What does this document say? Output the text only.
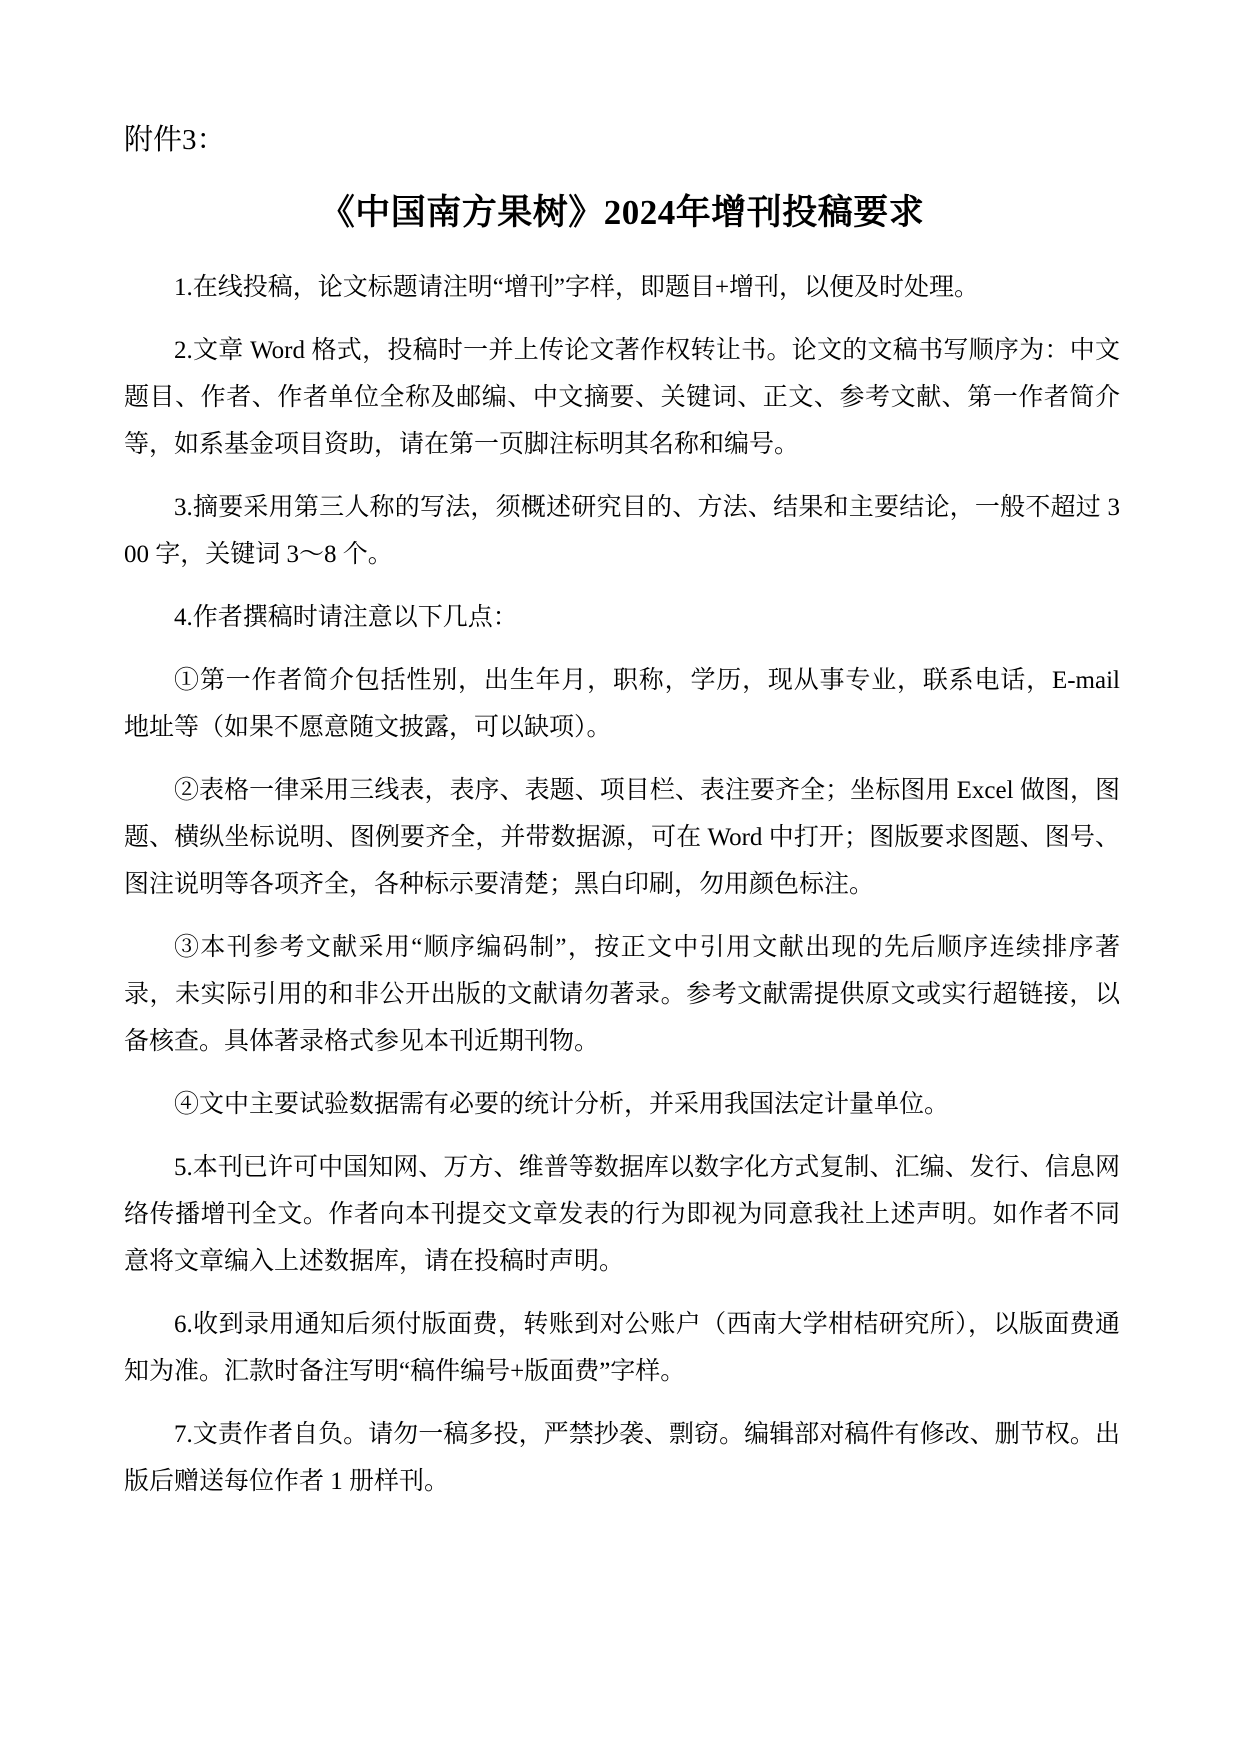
附件3：
《中国南方果树》2024年增刊投稿要求

1.在线投稿，论文标题请注明“增刊”字样，即题目+增刊，以便及时处理。

2.文章 Word 格式，投稿时一并上传论文著作权转让书。论文的文稿书写顺序为：中文题目、作者、作者单位全称及邮编、中文摘要、关键词、正文、参考文献、第一作者简介等，如系基金项目资助，请在第一页脚注标明其名称和编号。

3.摘要采用第三人称的写法，须概述研究目的、方法、结果和主要结论，一般不超过 300 字，关键词 3～8 个。

4.作者撰稿时请注意以下几点：

①第一作者简介包括性别，出生年月，职称，学历，现从事专业，联系电话，E-mail 地址等（如果不愿意随文披露，可以缺项）。

②表格一律采用三线表，表序、表题、项目栏、表注要齐全；坐标图用 Excel 做图，图题、横纵坐标说明、图例要齐全，并带数据源，可在 Word 中打开；图版要求图题、图号、图注说明等各项齐全，各种标示要清楚；黑白印刷，勿用颜色标注。

③本刊参考文献采用“顺序编码制”，按正文中引用文献出现的先后顺序连续排序著录，未实际引用的和非公开出版的文献请勿著录。参考文献需提供原文或实行超链接，以备核查。具体著录格式参见本刊近期刊物。

④文中主要试验数据需有必要的统计分析，并采用我国法定计量单位。

5.本刊已许可中国知网、万方、维普等数据库以数字化方式复制、汇编、发行、信息网络传播增刊全文。作者向本刊提交文章发表的行为即视为同意我社上述声明。如作者不同意将文章编入上述数据库，请在投稿时声明。

6.收到录用通知后须付版面费，转账到对公账户（西南大学柑桔研究所），以版面费通知为准。汇款时备注写明“稿件编号+版面费”字样。

7.文责作者自负。请勿一稿多投，严禁抄袭、剽窃。编辑部对稿件有修改、删节权。出版后赠送每位作者 1 册样刊。
